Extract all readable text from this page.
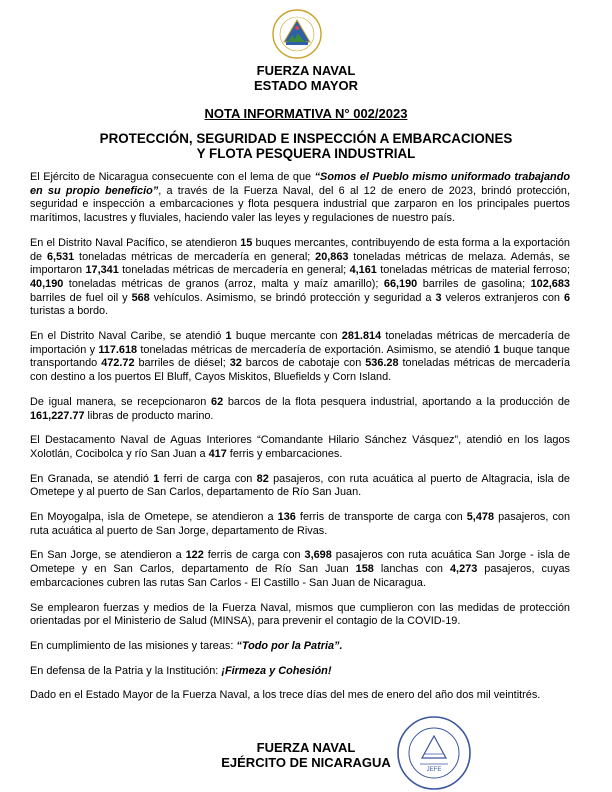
FUERZA NAVAL
ESTADO MAYOR
NOTA INFORMATIVA N° 002/2023
PROTECCIÓN, SEGURIDAD E INSPECCIÓN A EMBARCACIONES
Y FLOTA PESQUERA INDUSTRIAL

El Ejército de Nicaragua consecuente con el lema de que “Somos el Pueblo mismo uniformado trabajando en su propio beneficio”, a través de la Fuerza Naval, del 6 al 12 de enero de 2023, brindó protección, seguridad e inspección a embarcaciones y flota pesquera industrial que zarparon en los principales puertos marítimos, lacustres y fluviales, haciendo valer las leyes y regulaciones de nuestro país.

En el Distrito Naval Pacífico, se atendieron 15 buques mercantes, contribuyendo de esta forma a la exportación de 6,531 toneladas métricas de mercadería en general; 20,863 toneladas métricas de melaza. Además, se importaron 17,341 toneladas métricas de mercadería en general; 4,161 toneladas métricas de material ferroso; 40,190 toneladas métricas de granos (arroz, malta y maíz amarillo); 66,190 barriles de gasolina; 102,683 barriles de fuel oil y 568 vehículos. Asimismo, se brindó protección y seguridad a 3 veleros extranjeros con 6 turistas a bordo.

En el Distrito Naval Caribe, se atendió 1 buque mercante con 281.814 toneladas métricas de mercadería de importación y 117.618 toneladas métricas de mercadería de exportación. Asimismo, se atendió 1 buque tanque transportando 472.72 barriles de diésel; 32 barcos de cabotaje con 536.28 toneladas métricas de mercadería con destino a los puertos El Bluff, Cayos Miskitos, Bluefields y Corn Island.

De igual manera, se recepcionaron 62 barcos de la flota pesquera industrial, aportando a la producción de 161,227.77 libras de producto marino.

El Destacamento Naval de Aguas Interiores “Comandante Hilario Sánchez Vásquez”, atendió en los lagos Xolotlán, Cocibolca y río San Juan a 417 ferris y embarcaciones.

En Granada, se atendió 1 ferri de carga con 82 pasajeros, con ruta acuática al puerto de Altagracia, isla de Ometepe y al puerto de San Carlos, departamento de Río San Juan.

En Moyogalpa, isla de Ometepe, se atendieron a 136 ferris de transporte de carga con 5,478 pasajeros, con ruta acuática al puerto de San Jorge, departamento de Rivas.

En San Jorge, se atendieron a 122 ferris de carga con 3,698 pasajeros con ruta acuática San Jorge - isla de Ometepe y en San Carlos, departamento de Río San Juan 158 lanchas con 4,273 pasajeros, cuyas embarcaciones cubren las rutas San Carlos - El Castillo - San Juan de Nicaragua.

Se emplearon fuerzas y medios de la Fuerza Naval, mismos que cumplieron con las medidas de protección orientadas por el Ministerio de Salud (MINSA), para prevenir el contagio de la COVID-19.

En cumplimiento de las misiones y tareas: “Todo por la Patria”.

En defensa de la Patria y la Institución: ¡Firmeza y Cohesión!

Dado en el Estado Mayor de la Fuerza Naval, a los trece días del mes de enero del año dos mil veintitrés.

JEFE
FUERZA NAVAL
EJÉRCITO DE NICARAGUA
